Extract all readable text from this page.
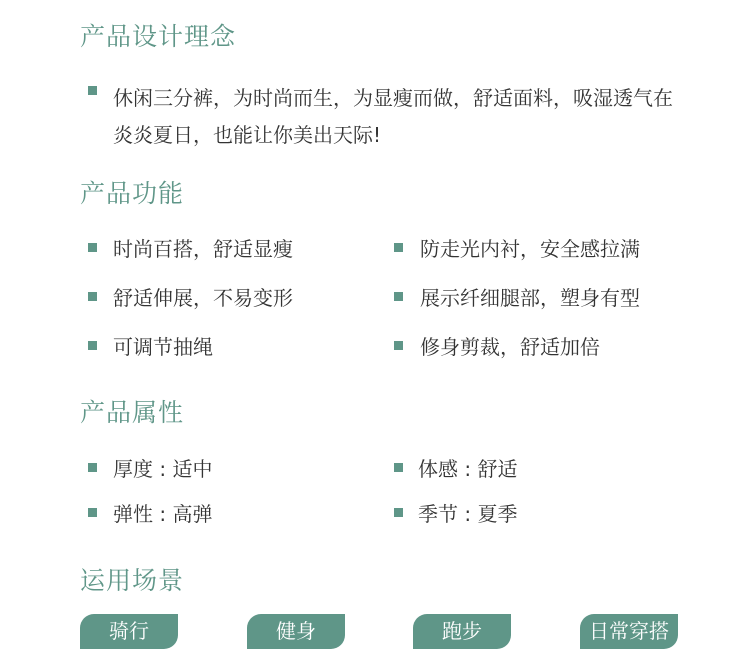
产品设计理念

休闲三分裤，为时尚而生，为显瘦而做，舒适面料，吸湿透气在炎炎夏日，也能让你美出天际!

产品功能
时尚百搭，舒适显瘦	防走光内衬，安全感拉满
舒适伸展，不易变形	展示纤细腿部，塑身有型
可调节抽绳	修身剪裁，舒适加倍
产品属性
厚度 : 适中	体感 : 舒适
弹性 : 高弹	季节 : 夏季
运用场景
骑行	健身	跑步	日常穿搭
